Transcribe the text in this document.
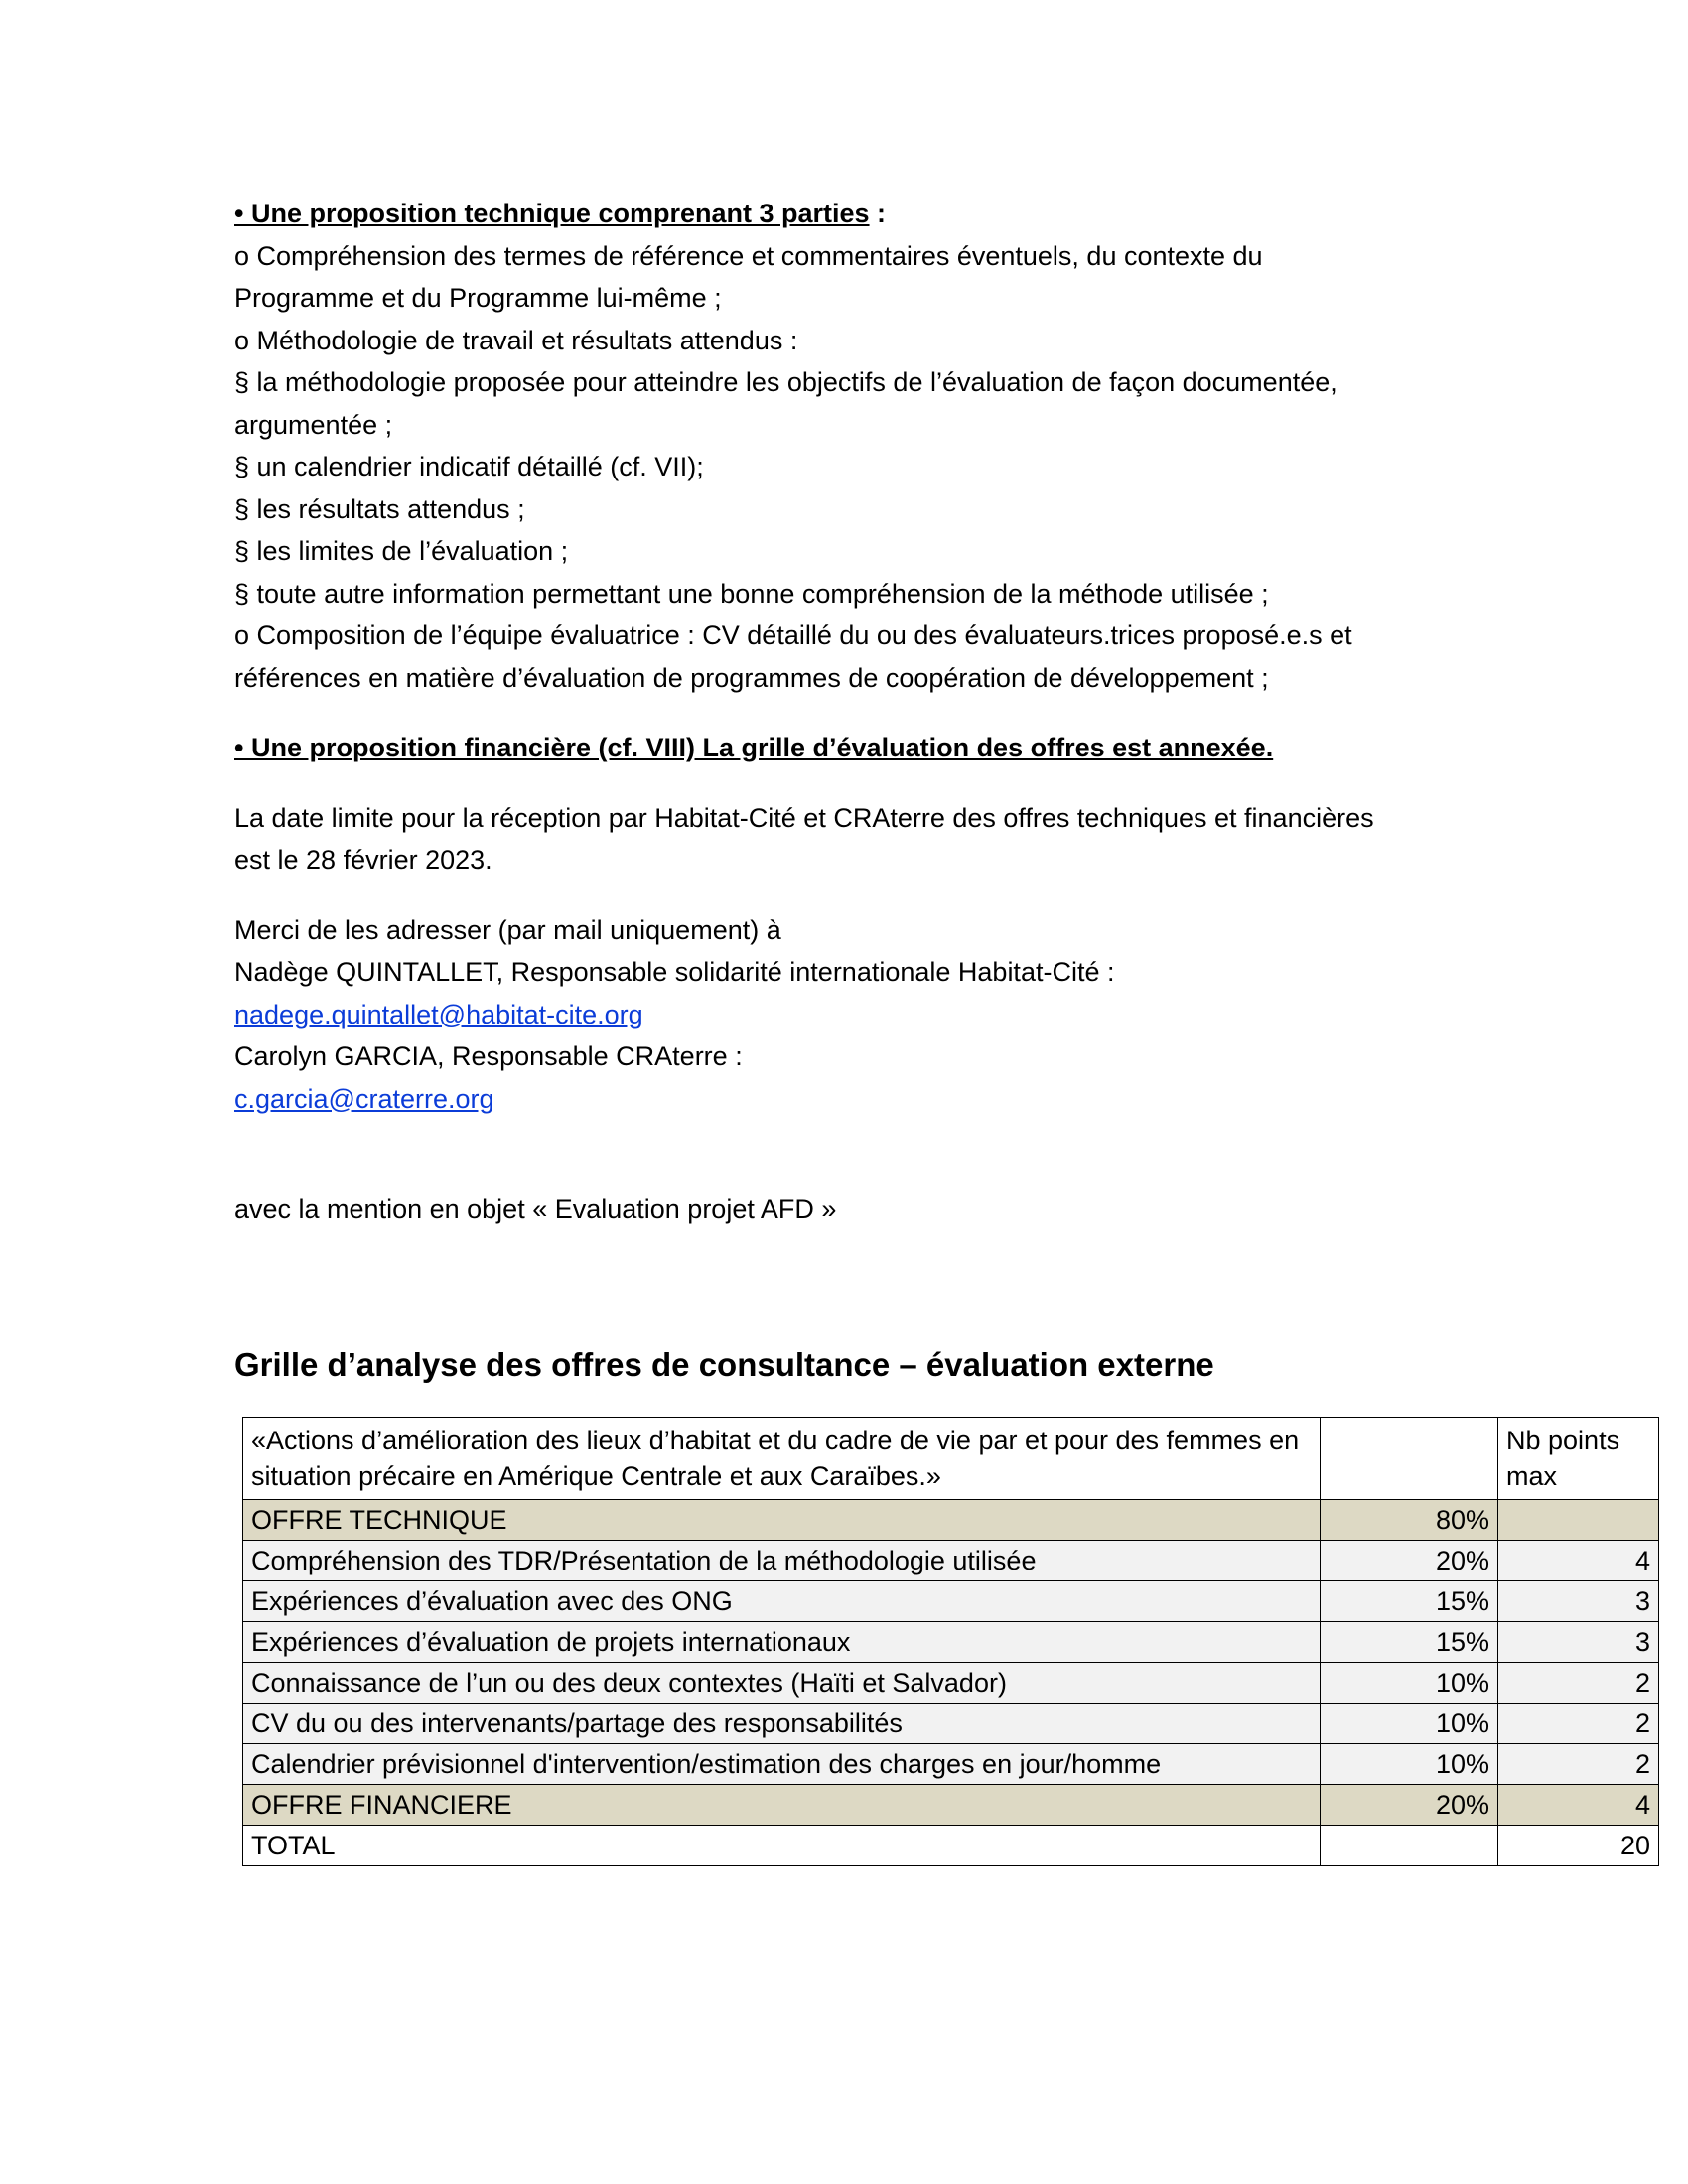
• Une proposition technique comprenant 3 parties :

o Compréhension des termes de référence et commentaires éventuels, du contexte du

Programme et du Programme lui-même ;

o Méthodologie de travail et résultats attendus :

§ la méthodologie proposée pour atteindre les objectifs de l’évaluation de façon documentée,

argumentée ;

§ un calendrier indicatif détaillé (cf. VII);

§ les résultats attendus ;

§ les limites de l’évaluation ;

§ toute autre information permettant une bonne compréhension de la méthode utilisée ;

o Composition de l’équipe évaluatrice : CV détaillé du ou des évaluateurs.trices proposé.e.s et

références en matière d’évaluation de programmes de coopération de développement ;

• Une proposition financière (cf. VIII) La grille d’évaluation des offres est annexée.

La date limite pour la réception par Habitat-Cité et CRAterre des offres techniques et financières

est le 28 février 2023.

Merci de les adresser (par mail uniquement) à

Nadège QUINTALLET, Responsable solidarité internationale Habitat-Cité :

nadege.quintallet@habitat-cite.org

Carolyn GARCIA, Responsable CRAterre :

c.garcia@craterre.org

avec la mention en objet « Evaluation projet AFD »

Grille d’analyse des offres de consultance – évaluation externe

«Actions d’amélioration des lieux d’habitat et du cadre de vie par et pour des femmes en situation précaire en Amérique Centrale et aux Caraïbes.»		Nb points max
OFFRE TECHNIQUE	80%	
Compréhension des TDR/Présentation de la méthodologie utilisée	20%	4
Expériences d’évaluation avec des ONG	15%	3
Expériences d’évaluation de projets internationaux	15%	3
Connaissance de l’un ou des deux contextes (Haïti et Salvador)	10%	2
CV du ou des intervenants/partage des responsabilités	10%	2
Calendrier prévisionnel d'intervention/estimation des charges en jour/homme	10%	2
OFFRE FINANCIERE	20%	4
TOTAL		20
